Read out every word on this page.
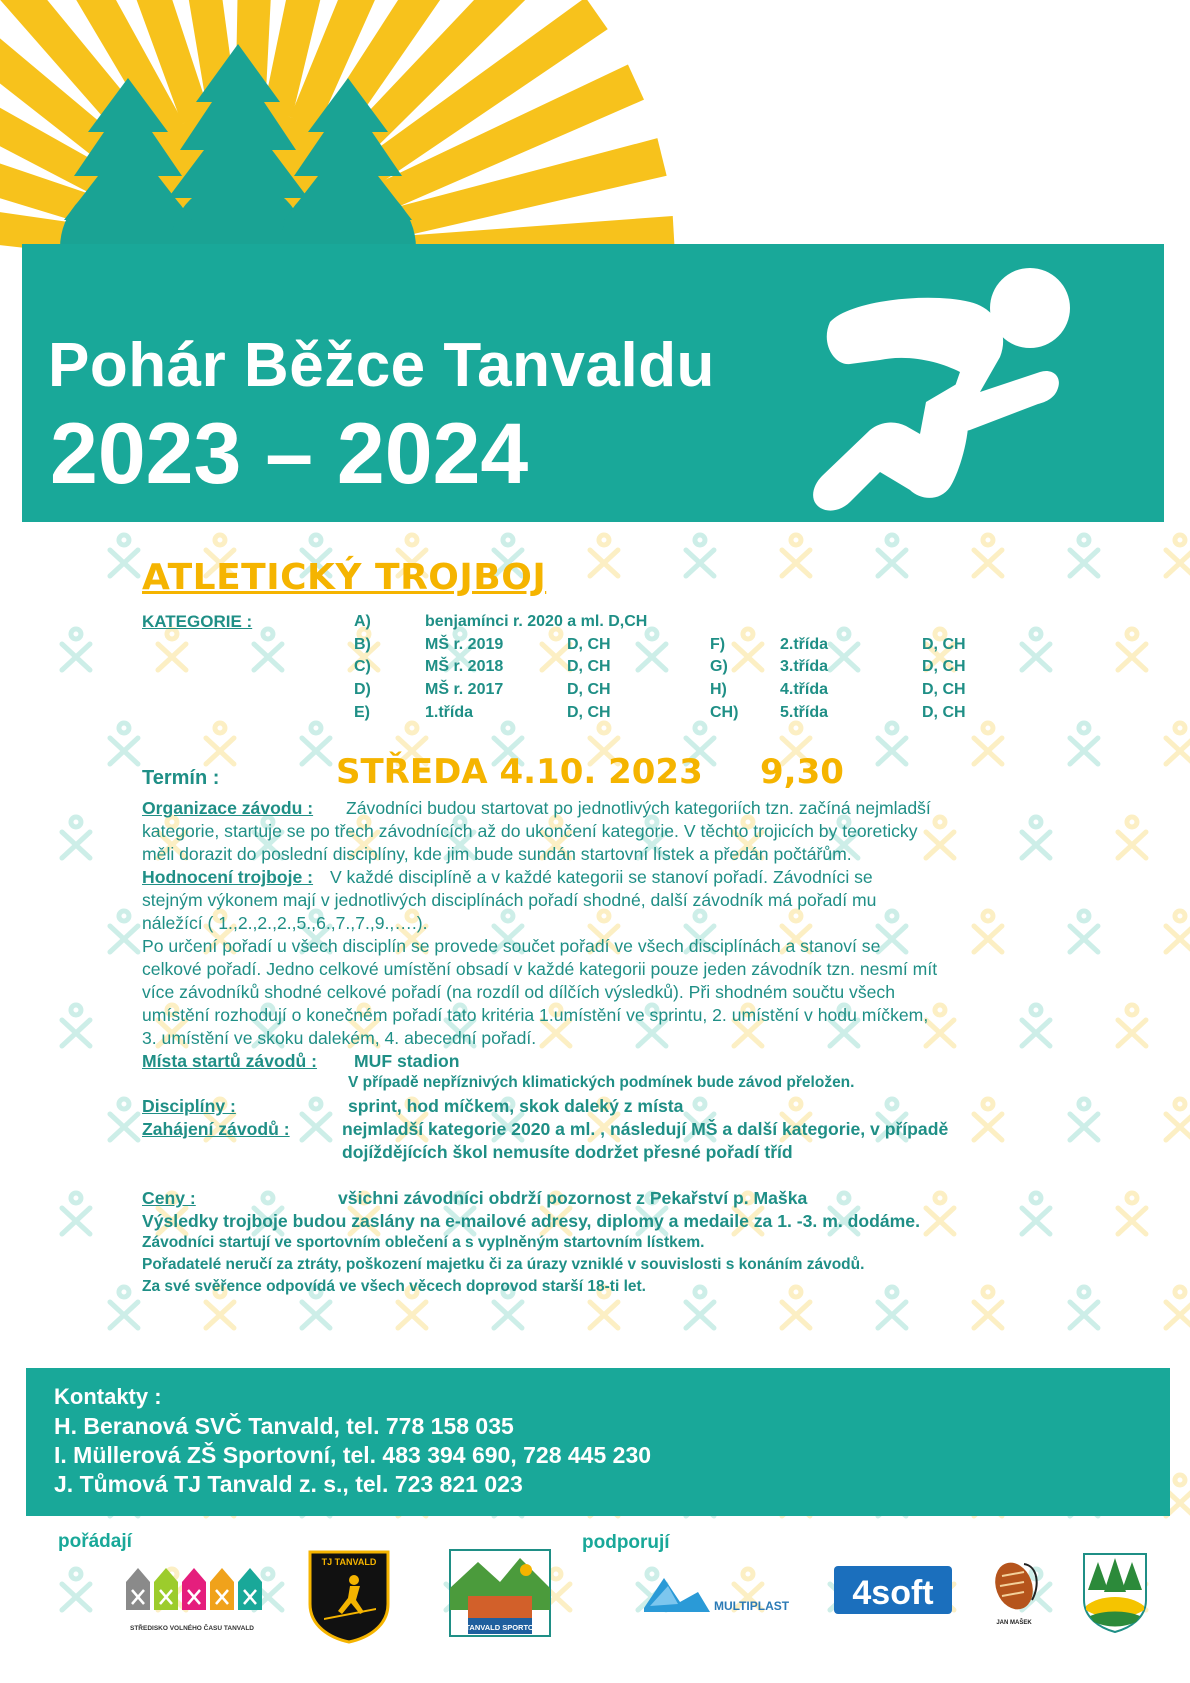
Pohár Běžce Tanvaldu
2023 – 2024
ATLETICKÝ TROJBOJ
KATEGORIE :	A)	benjamínci r. 2020 a ml. D,CH
B)	MŠ r. 2019	D, CH
C)	MŠ r. 2018	D, CH
D)	MŠ r. 2017	D, CH
E)	1.třída	D, CH
F)	2.třída	D, CH
G)	3.třída	D, CH
H)	4.třída	D, CH
CH)	5.třída	D, CH
Termín :	STŘEDA 4.10. 2023 9,30
Organizace závodu : Závodníci budou startovat po jednotlivých kategoriích tzn. začíná nejmladší
kategorie, startuje se po třech závodnících až do ukončení kategorie. V těchto trojicích by teoreticky
měli dorazit do poslední disciplíny, kde jim bude sundán startovní lístek a předán počtářům.
Hodnocení trojboje : V každé disciplíně a v každé kategorii se stanoví pořadí. Závodníci se
stejným výkonem mají v jednotlivých disciplínách pořadí shodné, další závodník má pořadí mu
náležící ( 1.,2.,2.,2.,5.,6.,7.,7.,9.,….).
Po určení pořadí u všech disciplín se provede součet pořadí ve všech disciplínách a stanoví se
celkové pořadí. Jedno celkové umístění obsadí v každé kategorii pouze jeden závodník tzn. nesmí mít
více závodníků shodné celkové pořadí (na rozdíl od dílčích výsledků). Při shodném součtu všech
umístění rozhodují o konečném pořadí tato kritéria 1.umístění ve sprintu, 2. umístění v hodu míčkem,
3. umístění ve skoku dalekém, 4. abecední pořadí.
Místa startů závodů : MUF stadion
V případě nepříznivých klimatických podmínek bude závod přeložen.
Disciplíny :	sprint, hod míčkem, skok daleký z místa
Zahájení závodů :	nejmladší kategorie 2020 a ml. , následují MŠ a další kategorie, v případě
dojíždějících škol nemusíte dodržet přesné pořadí tříd
Ceny :	všichni závodníci obdrží pozornost z Pekařství p. Maška
Výsledky trojboje budou zaslány na e-mailové adresy, diplomy a medaile za 1. -3. m. dodáme.
Závodníci startují ve sportovním oblečení a s vyplněným startovním lístkem.
Pořadatelé neručí za ztráty, poškození majetku či za úrazy vzniklé v souvislosti s konáním závodů.
Za své svěřence odpovídá ve všech věcech doprovod starší 18-ti let.
Kontakty :
H. Beranová SVČ Tanvald, tel. 778 158 035
I. Müllerová ZŠ Sportovní, tel. 483 394 690, 728 445 230
J. Tůmová TJ Tanvald z. s., tel. 723 821 023
pořádají	podporují
STŘEDISKO VOLNÉHO ČASU TANVALD
TJ TANVALD
ZŠ TANVALD SPORTOVNÍ
MULTIPLAST 4soft
JAN MAŠEK
